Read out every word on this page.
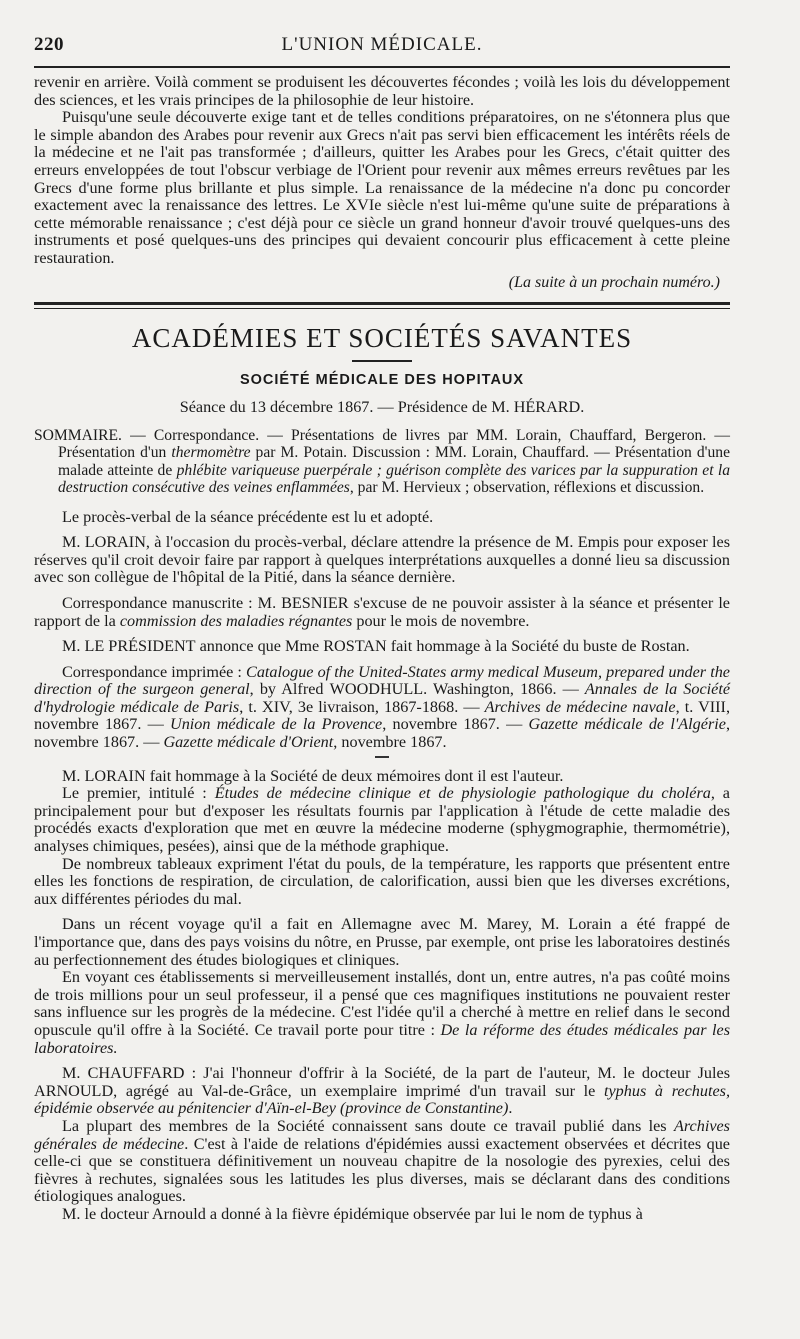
220	L'UNION MÉDICALE.

revenir en arrière. Voilà comment se produisent les découvertes fécondes ; voilà les lois du développement des sciences, et les vrais principes de la philosophie de leur histoire.

Puisqu'une seule découverte exige tant et de telles conditions préparatoires, on ne s'étonnera plus que le simple abandon des Arabes pour revenir aux Grecs n'ait pas servi bien efficacement les intérêts réels de la médecine et ne l'ait pas transformée ; d'ailleurs, quitter les Arabes pour les Grecs, c'était quitter des erreurs enveloppées de tout l'obscur verbiage de l'Orient pour revenir aux mêmes erreurs revêtues par les Grecs d'une forme plus brillante et plus simple. La renaissance de la médecine n'a donc pu concorder exactement avec la renaissance des lettres. Le XVIe siècle n'est lui-même qu'une suite de préparations à cette mémorable renaissance ; c'est déjà pour ce siècle un grand honneur d'avoir trouvé quelques-uns des instruments et posé quelques-uns des principes qui devaient concourir plus efficacement à cette pleine restauration.

(La suite à un prochain numéro.)
ACADÉMIES ET SOCIÉTÉS SAVANTES
SOCIÉTÉ MÉDICALE DES HOPITAUX
Séance du 13 décembre 1867. — Présidence de M. HÉRARD.

SOMMAIRE. — Correspondance. — Présentations de livres par MM. Lorain, Chauffard, Bergeron. — Présentation d'un thermomètre par M. Potain. Discussion : MM. Lorain, Chauffard. — Présentation d'une malade atteinte de phlébite variqueuse puerpérale ; guérison complète des varices par la suppuration et la destruction consécutive des veines enflammées, par M. Hervieux ; observation, réflexions et discussion.

Le procès-verbal de la séance précédente est lu et adopté.

M. LORAIN, à l'occasion du procès-verbal, déclare attendre la présence de M. Empis pour exposer les réserves qu'il croit devoir faire par rapport à quelques interprétations auxquelles a donné lieu sa discussion avec son collègue de l'hôpital de la Pitié, dans la séance dernière.

Correspondance manuscrite : M. BESNIER s'excuse de ne pouvoir assister à la séance et présenter le rapport de la commission des maladies régnantes pour le mois de novembre.

M. LE PRÉSIDENT annonce que Mme ROSTAN fait hommage à la Société du buste de Rostan.

Correspondance imprimée : Catalogue of the United-States army medical Museum, prepared under the direction of the surgeon general, by Alfred WOODHULL. Washington, 1866. — Annales de la Société d'hydrologie médicale de Paris, t. XIV, 3e livraison, 1867-1868. — Archives de médecine navale, t. VIII, novembre 1867. — Union médicale de la Provence, novembre 1867. — Gazette médicale de l'Algérie, novembre 1867. — Gazette médicale d'Orient, novembre 1867.

M. LORAIN fait hommage à la Société de deux mémoires dont il est l'auteur.

Le premier, intitulé : Études de médecine clinique et de physiologie pathologique du choléra, a principalement pour but d'exposer les résultats fournis par l'application à l'étude de cette maladie des procédés exacts d'exploration que met en œuvre la médecine moderne (sphygmographie, thermométrie), analyses chimiques, pesées), ainsi que de la méthode graphique.

De nombreux tableaux expriment l'état du pouls, de la température, les rapports que présentent entre elles les fonctions de respiration, de circulation, de calorification, aussi bien que les diverses excrétions, aux différentes périodes du mal.

Dans un récent voyage qu'il a fait en Allemagne avec M. Marey, M. Lorain a été frappé de l'importance que, dans des pays voisins du nôtre, en Prusse, par exemple, ont prise les laboratoires destinés au perfectionnement des études biologiques et cliniques.

En voyant ces établissements si merveilleusement installés, dont un, entre autres, n'a pas coûté moins de trois millions pour un seul professeur, il a pensé que ces magnifiques institutions ne pouvaient rester sans influence sur les progrès de la médecine. C'est l'idée qu'il a cherché à mettre en relief dans le second opuscule qu'il offre à la Société. Ce travail porte pour titre : De la réforme des études médicales par les laboratoires.

M. CHAUFFARD : J'ai l'honneur d'offrir à la Société, de la part de l'auteur, M. le docteur Jules ARNOULD, agrégé au Val-de-Grâce, un exemplaire imprimé d'un travail sur le typhus à rechutes, épidémie observée au pénitencier d'Aïn-el-Bey (province de Constantine).

La plupart des membres de la Société connaissent sans doute ce travail publié dans les Archives générales de médecine. C'est à l'aide de relations d'épidémies aussi exactement observées et décrites que celle-ci que se constituera définitivement un nouveau chapitre de la nosologie des pyrexies, celui des fièvres à rechutes, signalées sous les latitudes les plus diverses, mais se déclarant dans des conditions étiologiques analogues.

M. le docteur Arnould a donné à la fièvre épidémique observée par lui le nom de typhus à
